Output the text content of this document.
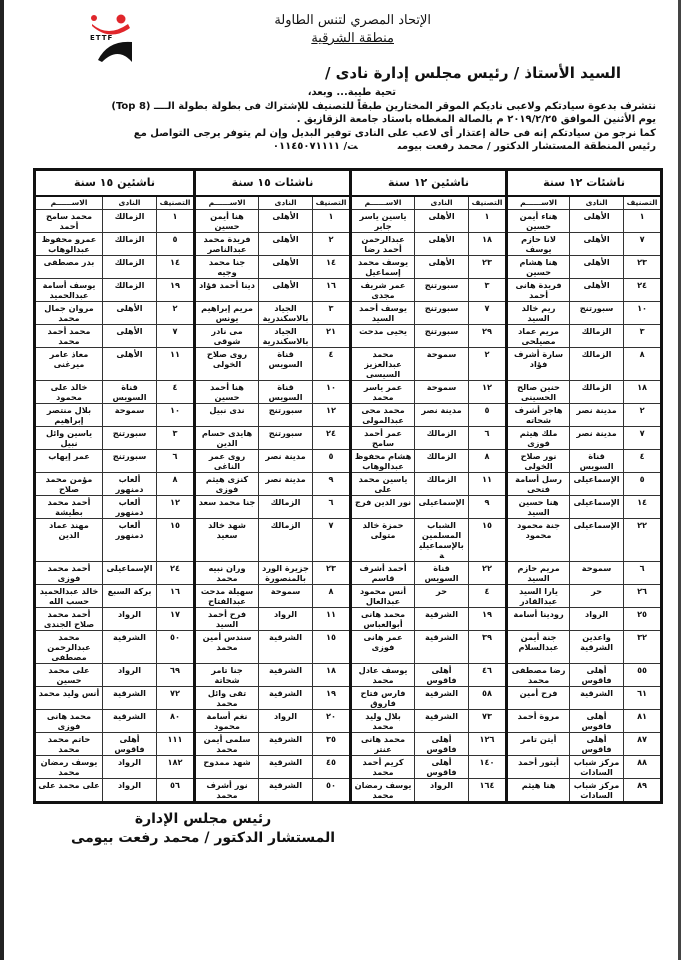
ETTF
الإتحاد المصري لتنس الطاولة
منطقة الشرقية
السيد الأستاذ / رئيس مجلس إدارة نادى /
تحية طيبة... وبعد،
نتشرف بدعوة سيادتكم ولاعبى ناديكم الموقر المختارين طبقاً للتصنيف للإشتراك فى بطولة بطولة الــــ (Top 8)
يوم الأثنين الموافق ٢٠١٩/٢/٢٥ م بالصالة المغطاه باستاد جامعة الزقازيق .
كما نرجو من سيادتكم إنه فى حالة إعتذار أى لاعب على النادى توفير البديل وإن لم يتوفر يرجى التواصل مع
رئيس المنطقة المستشار الدكتور / محمد رفعت بيومىت/ ٠١١٤٥٠٧١١١١
ناشئات ١٢ سنة			ناشئين ١٢ سنة			ناشئات ١٥ سنة			ناشئين ١٥ سنة		
التصنيف	النادى	الاســــــم	التصنيف	النادى	الاســــــم	التصنيف	النادى	الاســــــم	التصنيف	النادى	الاســــــم
١	الأهلى	هناء أيمن حسين	١	الأهلى	ياسين ياسر جابر	١	الأهلى	هنا أيمن حسين	١	الزمالك	محمد سامح أحمد
٧	الأهلى	لانا حازم يوسف	١٨	الأهلى	عبدالرحمن أحمد رضا	٢	الأهلى	فريدة محمد عبدالناصر	٥	الزمالك	عمرو محفوظ عبدالوهاب
٢٣	الأهلى	هنا هشام حسين	٢٣	الأهلى	يوسف محمد إسماعيل	١٤	الأهلى	جنا محمد وجيه	١٤	الزمالك	بدر مصطفى
٢٤	الأهلى	فريدة هانى أحمد	٣	سبورتنج	عمر شريف مجدى	١٦	الأهلى	دينا أحمد فؤاد	١٩	الزمالك	يوسف أسامة عبدالحميد
١٠	سبورتنج	ريم خالد السيد	٧	سبورتنج	يوسف أحمد السيد	٣	الجياد بالاسكندرية	مريم إبراهيم يونس	٢	الأهلى	مروان جمال محمد
٣	الزمالك	مريم عماد مصيلحى	٢٩	سبورتنج	يحيى مدحت	٢١	الجياد بالاسكندرية	مى نادر شوقى	٧	الأهلى	محمد أحمد محمد
٨	الزمالك	سارة أشرف فؤاد	٢	سموحة	محمد عبدالعزيز السيسى	٤	قناة السويس	روى صلاح الخولى	١١	الأهلى	معاذ عامر ميرغنى
١٨	الزمالك	حنين صالح الحسينى	١٢	سموحة	عمر ياسر محمد	١٠	قناة السويس	هنا أحمد حسين	٤	قناة السويس	خالد على محمود
٢	مدينة نصر	هاجر أشرف شحاته	٥	مدينة نصر	محمد محى عبدالمولى	١٢	سبورتنج	ندى نبيل	١٠	سموحة	بلال منتصر إبراهيم
٧	مدينة نصر	ملك هيثم فوزى	٦	الزمالك	عمر أحمد سامح	٢٤	سبورتنج	هايدى حسام الدين	٣	سبورتنج	ياسين وائل نبيل
٤	قناة السويس	نور صلاح الخولى	٨	الزمالك	هشام محفوظ عبدالوهاب	٥	مدينة نصر	روى عمر الناغى	٦	سبورتنج	عمر إيهاب
٥	الإسماعيلى	رسل أسامة فتحى	١١	الزمالك	ياسين محمد على	٩	مدينة نصر	كنزى هيثم فوزى	٨	ألعاب دمنهور	مؤمن محمد صلاح
١٤	الإسماعيلى	هنا حسين السيد	٩	الإسماعيلى	نور الدين فرج	٦	الزمالك	جنا محمد سعد	١٢	ألعاب دمنهور	أحمد محمد بطيشة
٢٢	الإسماعيلى	جنة محمود محمود	١٥	الشباب المسلمين بالإسماعيلية	حمزة خالد متولى	٧	الزمالك	شهد خالد سعيد	١٥	ألعاب دمنهور	مهند عماد الدين
٦	سموحة	مريم حازم السيد	٢٢	قناة السويس	أحمد أشرف قاسم	٢٣	جزيرة الورد بالمنصورة	وران نبيه محمد	٢٤	الإسماعيلى	أحمد محمد فوزى
٢٦	حر	يارا السيد عبدالقادر	٤	حر	أنس محمود عبدالعال	٨	سموحة	سهيلة مدحت عبدالفتاح	١٦	بركة السبع	خالد عبدالحميد حسب الله
٢٥	الرواد	رودينا أسامة	١٩	الشرقية	محمد هانى أبوالعباس	١١	الرواد	فرح أحمد السيد	١٧	الرواد	أحمد محمد صلاح الجندى
٣٢	واعدين الشرقية	جنة أيمن عبدالسلام	٣٩	الشرقية	عمر هانى فوزى	١٥	الشرقية	سندس أمين محمد	٥٠	الشرقية	محمد عبدالرحمن مصطفى
٥٥	أهلى فاقوس	رضا مصطفى محمد	٤٦	أهلى فاقوس	يوسف عادل محمد	١٨	الشرقية	جنا تامر شحاتة	٦٩	الرواد	على محمد حسين
٦١	الشرقية	فرح أمين	٥٨	الشرقية	فارس فتاح فاروق	١٩	الشرقية	تقى وائل محمد	٧٢	الشرقية	أنس وليد محمد
٨١	أهلى فاقوس	مروة أحمد	٧٣	الشرقية	بلال وليد محمد	٢٠	الرواد	نغم أسامة محمود	٨٠	الشرقية	محمد هانى فوزى
٨٧	أهلى فاقوس	أيتن تامر	١٢٦	أهلى فاقوس	محمد هانى عنتر	٣٥	الشرقية	سلمى أيمن محمد	١١١	أهلى فاقوس	حاتم محمد محمد
٨٨	مركز شباب السادات	أيتور أحمد	١٤٠	أهلى فاقوس	كريم أحمد محمد	٤٥	الشرقية	شهد ممدوح	١٨٢	الرواد	يوسف رمضان محمد
٨٩	مركز شباب السادات	هنا هيثم	١٦٤	الرواد	يوسف رمضان محمد	٥٠	الشرقية	نور أشرف محمد	٥٦	الرواد	على محمد على
رئيس مجلس الإدارة
المستشار الدكتور / محمد رفعت بيومى
